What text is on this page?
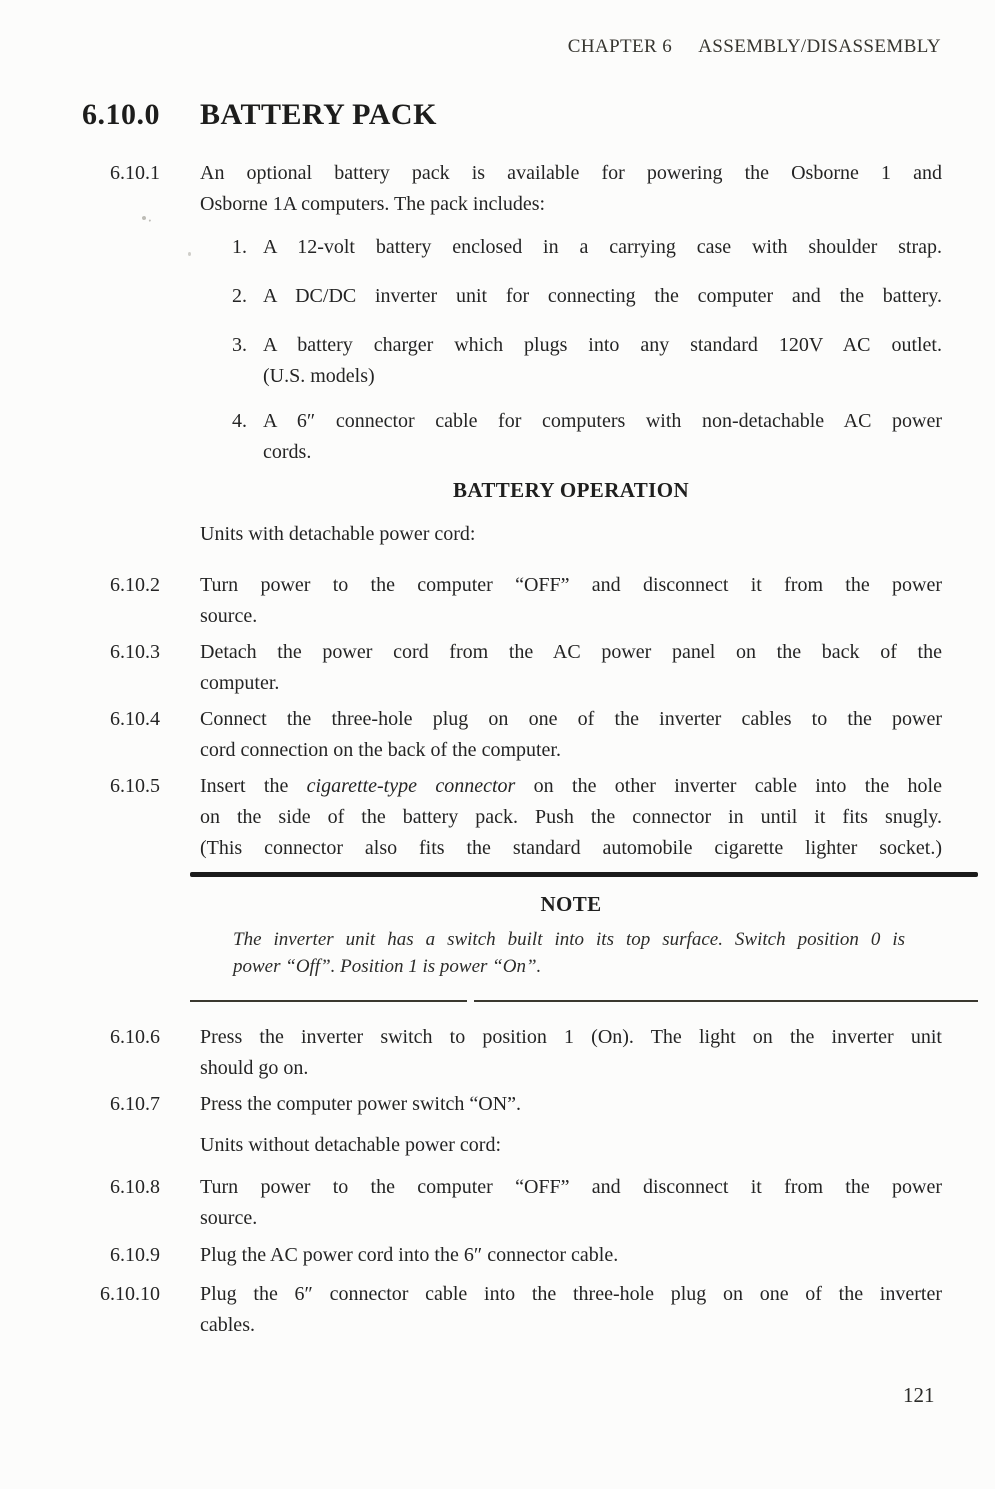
CHAPTER 6 ASSEMBLY/DISASSEMBLY
6.10.0 BATTERY PACK
6.10.1 An optional battery pack is available for powering the Osborne 1 and
Osborne 1A computers. The pack includes:
1. A 12-volt battery enclosed in a carrying case with shoulder strap.
2. A DC/DC inverter unit for connecting the computer and the battery.
3. A battery charger which plugs into any standard 120V AC outlet.
(U.S. models)
4. A 6″ connector cable for computers with non-detachable AC power
cords.
BATTERY OPERATION
Units with detachable power cord:
6.10.2 Turn power to the computer “OFF” and disconnect it from the power
source.
6.10.3 Detach the power cord from the AC power panel on the back of the
computer.
6.10.4 Connect the three-hole plug on one of the inverter cables to the power
cord connection on the back of the computer.
6.10.5 Insert the cigarette-type connector on the other inverter cable into the hole
on the side of the battery pack. Push the connector in until it fits snugly.
(This connector also fits the standard automobile cigarette lighter socket.)
NOTE
The inverter unit has a switch built into its top surface. Switch position 0 is
power “Off”. Position 1 is power “On”.
6.10.6 Press the inverter switch to position 1 (On). The light on the inverter unit
should go on.
6.10.7 Press the computer power switch “ON”.
Units without detachable power cord:
6.10.8 Turn power to the computer “OFF” and disconnect it from the power
source.
6.10.9 Plug the AC power cord into the 6″ connector cable.
6.10.10 Plug the 6″ connector cable into the three-hole plug on one of the inverter
cables.
121
